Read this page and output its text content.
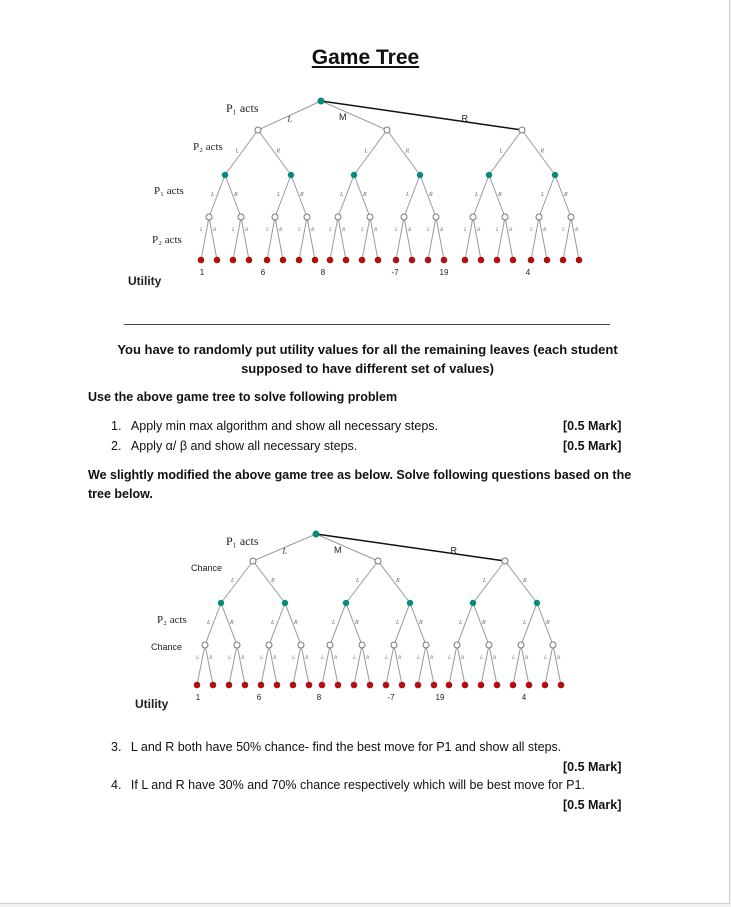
Game Tree
L	M	R
L	R	L	R	L	R
L	R	L	R	L	R	L	R	L	R	L	R
L R	L R	L R	L R	L R	L R	L R	L R	L R	L R	L R	L R
1	6	8	-7	19	4
P₁ acts
P₂ acts
P₁ acts
P₂ acts
Utility
You have to randomly put utility values for all the remaining leaves (each student supposed to have different set of values)
Use the above game tree to solve following problem
1. Apply min max algorithm and show all necessary steps.	[0.5 Mark]
2. Apply α/ β and show all necessary steps.	[0.5 Mark]
We slightly modified the above game tree as below. Solve following questions based on the tree below.
L	M	R
L	R	L	R	L	R
L	R	L	R	L	R	L	R	L	R	L	R
L R	L R	L R	L R L R	L R	L R	L R	L R	L R	L R	L R
1	6	8	-7	19	4
P₁ acts
Chance
P₂ acts
Chance
Utility
3. L and R both have 50% chance- find the best move for P1 and show all steps.
[0.5 Mark]
4. If L and R have 30% and 70% chance respectively which will be best move for P1.
[0.5 Mark]
